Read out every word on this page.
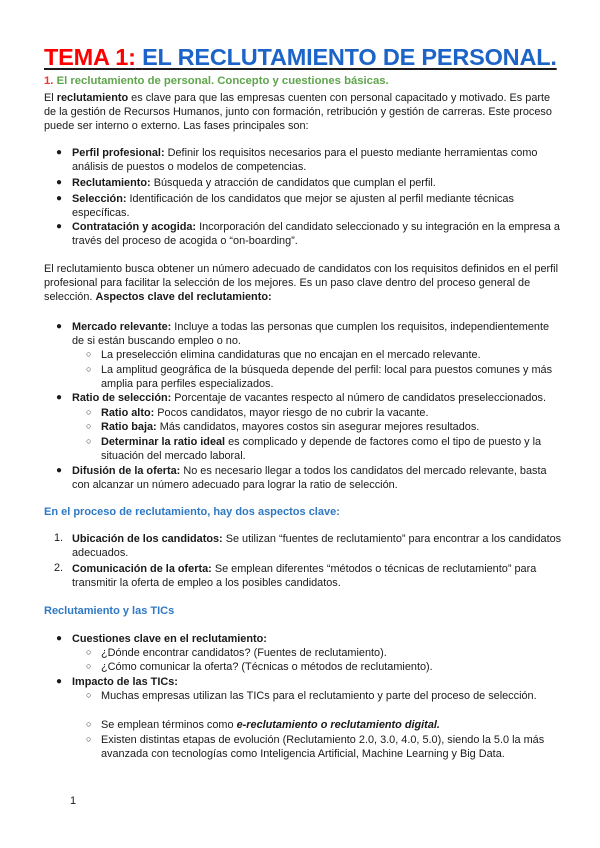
TEMA 1: EL RECLUTAMIENTO DE PERSONAL.
1. El reclutamiento de personal. Concepto y cuestiones básicas.
El reclutamiento es clave para que las empresas cuenten con personal capacitado y motivado. Es parte de la gestión de Recursos Humanos, junto con formación, retribución y gestión de carreras. Este proceso puede ser interno o externo. Las fases principales son:
● Perfil profesional: Definir los requisitos necesarios para el puesto mediante herramientas como análisis de puestos o modelos de competencias.
● Reclutamiento: Búsqueda y atracción de candidatos que cumplan el perfil.
● Selección: Identificación de los candidatos que mejor se ajusten al perfil mediante técnicas específicas.
● Contratación y acogida: Incorporación del candidato seleccionado y su integración en la empresa a través del proceso de acogida o “on-boarding”.
El reclutamiento busca obtener un número adecuado de candidatos con los requisitos definidos en el perfil profesional para facilitar la selección de los mejores. Es un paso clave dentro del proceso general de selección. Aspectos clave del reclutamiento:
● Mercado relevante: Incluye a todas las personas que cumplen los requisitos, independientemente de si están buscando empleo o no.
○ La preselección elimina candidaturas que no encajan en el mercado relevante.
○ La amplitud geográfica de la búsqueda depende del perfil: local para puestos comunes y más amplia para perfiles especializados.
● Ratio de selección: Porcentaje de vacantes respecto al número de candidatos preseleccionados.
○ Ratio alto: Pocos candidatos, mayor riesgo de no cubrir la vacante.
○ Ratio baja: Más candidatos, mayores costos sin asegurar mejores resultados.
○ Determinar la ratio ideal es complicado y depende de factores como el tipo de puesto y la situación del mercado laboral.
● Difusión de la oferta: No es necesario llegar a todos los candidatos del mercado relevante, basta con alcanzar un número adecuado para lograr la ratio de selección.
En el proceso de reclutamiento, hay dos aspectos clave:
1. Ubicación de los candidatos: Se utilizan “fuentes de reclutamiento” para encontrar a los candidatos adecuados.
2. Comunicación de la oferta: Se emplean diferentes “métodos o técnicas de reclutamiento” para transmitir la oferta de empleo a los posibles candidatos.
Reclutamiento y las TICs
● Cuestiones clave en el reclutamiento:
○ ¿Dónde encontrar candidatos? (Fuentes de reclutamiento).
○ ¿Cómo comunicar la oferta? (Técnicas o métodos de reclutamiento).
● Impacto de las TICs:
○ Muchas empresas utilizan las TICs para el reclutamiento y parte del proceso de selección.
○ Se emplean términos como e-reclutamiento o reclutamiento digital.
○ Existen distintas etapas de evolución (Reclutamiento 2.0, 3.0, 4.0, 5.0), siendo la 5.0 la más avanzada con tecnologías como Inteligencia Artificial, Machine Learning y Big Data.
1
